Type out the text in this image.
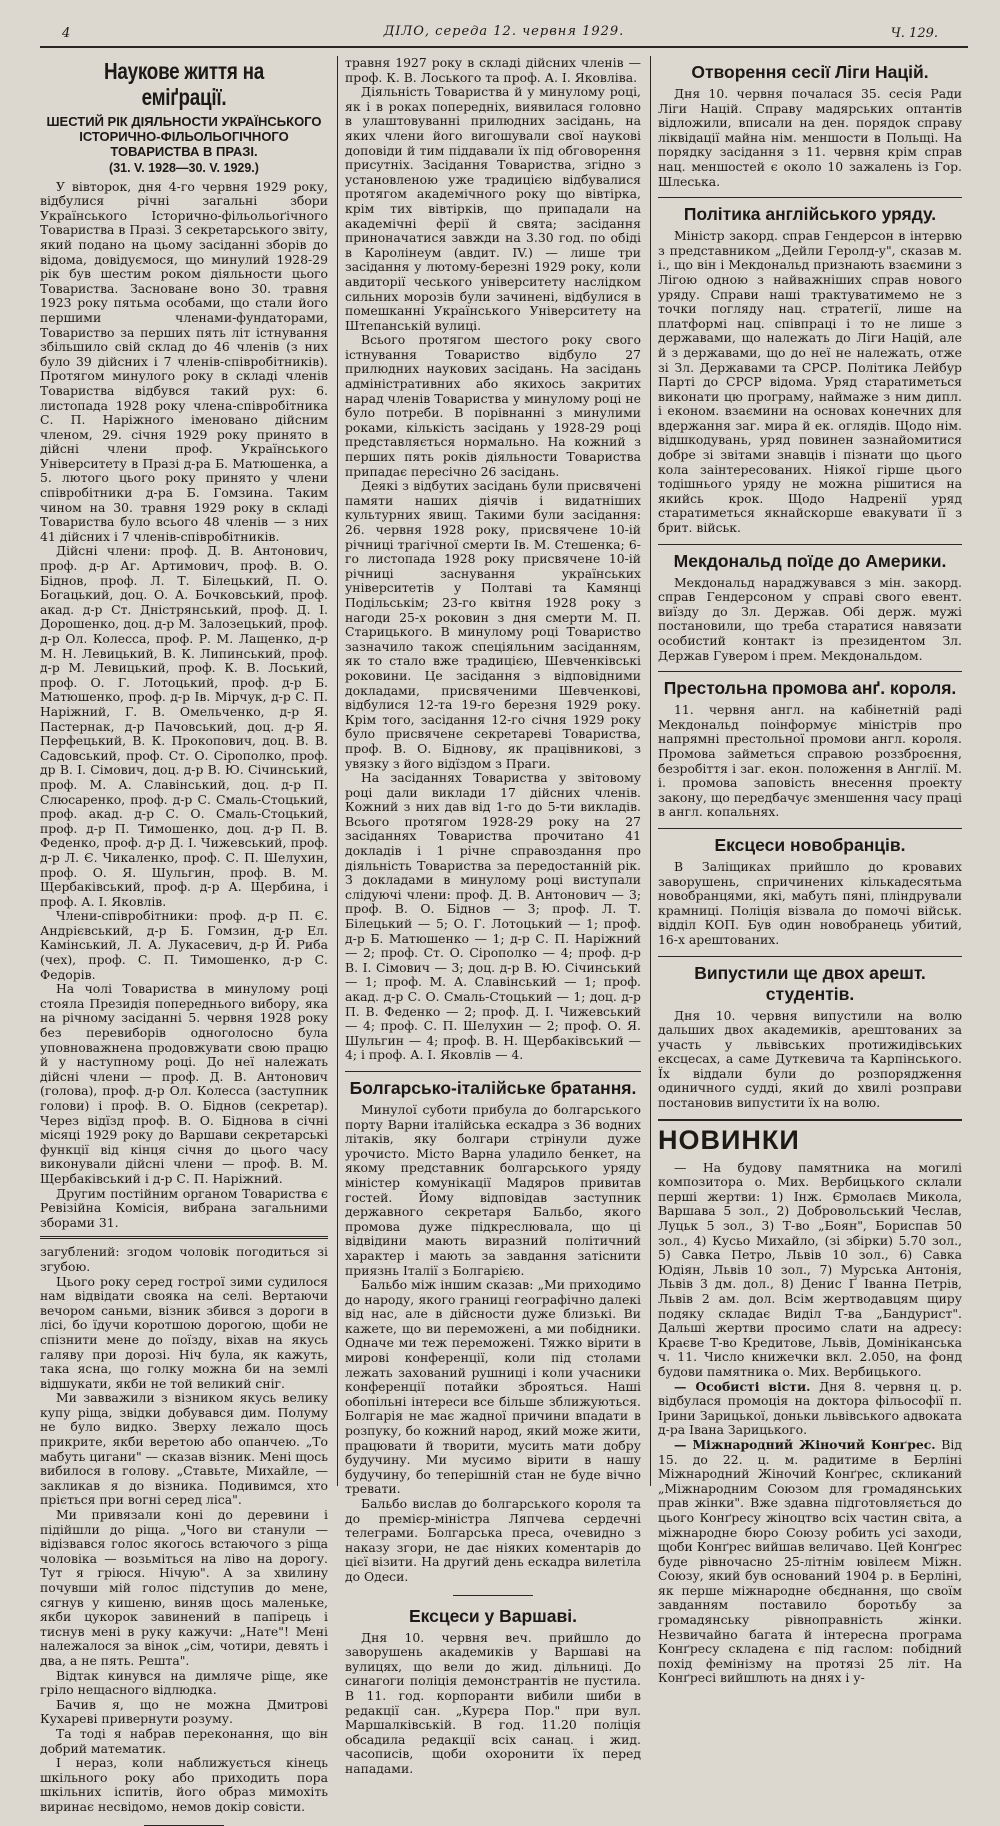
4	ДІЛО, середа 12. червня 1929.	Ч. 129.
Наукове життя на еміґрації.
ШЕСТИЙ РІК ДІЯЛЬНОСТИ УКРАЇНСЬКОГО ІСТОРИЧНО-ФІЛЬОЛЬОГІЧНОГО ТОВАРИСТВА В ПРАЗІ.
(31. V. 1928—30. V. 1929.)

У вівторок, дня 4-го червня 1929 року, відбулися річні загальні збори Українського Історично-фільольоґічного Товариства в Празі. З секретарського звіту, який подано на цьому засіданні зборів до відома, довідуємося, що минулий 1928-29 рік був шестим роком діяльности цього Товариства. Засноване воно 30. травня 1923 року пятьма особами, що стали його першими членами-фундаторами, Товариство за перших пять літ істнування збільшило свій склад до 46 членів (з них було 39 дійсних і 7 членів-співробітників). Протягом минулого року в складі членів Товариства відбувся такий рух: 6. листопада 1928 року члена-співробітника С. П. Наріжного іменовано дійсним членом, 29. січня 1929 року принято в дійсні члени проф. Українського Університету в Празі д-ра Б. Матюшенка, а 5. лютого цього року принято у члени співробітники д-ра Б. Гомзина. Таким чином на 30. травня 1929 року в складі Товариства було всього 48 членів — з них 41 дійсних і 7 членів-співробітників.

Дійсні члени: проф. Д. В. Антонович, проф. д-р Аг. Артимович, проф. В. О. Біднов, проф. Л. Т. Білецький, П. О. Богацький, доц. О. А. Бочковський, проф. акад. д-р Ст. Дністрянський, проф. Д. І. Дорошенко, доц. д-р М. Залозецький, проф. д-р Ол. Колесса, проф. Р. М. Лащенко, д-р М. Н. Левицький, В. К. Липинський, проф. д-р М. Левицький, проф. К. В. Лоський, проф. О. Г. Лотоцький, проф. д-р Б. Матюшенко, проф. д-р Ів. Мірчук, д-р С. П. Наріжний, Г. В. Омельченко, д-р Я. Пастернак, д-р Пачовський, доц. д-р Я. Перфецький, В. К. Прокопович, доц. В. В. Садовський, проф. Ст. О. Сірополко, проф. др В. І. Сімович, доц. д-р В. Ю. Січинський, проф. М. А. Славінський, доц. д-р П. Слюсаренко, проф. д-р С. Смаль-Стоцький, проф. акад. д-р С. О. Смаль-Стоцький, проф. д-р П. Тимошенко, доц. д-р П. В. Феденко, проф. д-р Д. І. Чижевський, проф. д-р Л. Є. Чикаленко, проф. С. П. Шелухин, проф. О. Я. Шульгин, проф. В. М. Щербаківський, проф. д-р А. Щербина, і проф. А. І. Яковлів.

Члени-співробітники: проф. д-р П. Є. Андрієвський, д-р Б. Гомзин, д-р Ел. Камінський, Л. А. Лукасевич, д-р Й. Риба (чех), проф. С. П. Тимошенко, д-р С. Федорів.

На чолі Товариства в минулому році стояла Президія попереднього вибору, яка на річному засіданні 5. червня 1928 року без перевиборів одноголосно була уповноважнена продовжувати свою працю й у наступному році. До неї належать дійсні члени — проф. Д. В. Антонович (голова), проф. д-р Ол. Колесса (заступник голови) і проф. В. О. Біднов (секретар). Через відїзд проф. В. О. Біднова в січні місяці 1929 року до Варшави секретарські функції від кінця січня до цього часу виконували дійсні члени — проф. В. М. Щербаківський і д-р С. П. Наріжний.

Другим постійним органом Товариства є Ревізійна Комісія, вибрана загальними зборами 31.

загублений: згодом чоловік погодиться зі згубою.

Цього року серед гострої зими судилося нам відвідати свояка на селі. Вертаючи вечором саньми, візник збився з дороги в лісі, бо їдучи коротшою дорогою, щоби не спізнити мене до поїзду, віхав на якусь галяву при дорозі. Ніч була, як кажуть, така ясна, що голку можна би на землі відшукати, якби не той великий сніг.

Ми завважили з візником якусь велику купу ріща, звідки добувався дим. Полуму не було видко. Зверху лежало щось прикрите, якби веретою або опанчею. „То мабуть цигани" — сказав візник. Мені щось вибилося в голову. „Ставьте, Михайле, — закликав я до візника. Подивимся, хто пріється при вогні серед ліса".

Ми привязали коні до деревини і підійшли до ріща. „Чого ви станули — відізвався голос якогось встаючого з ріща чоловіка — возьміться на ліво на дорогу. Тут я гріюся. Нічую". А за хвилину почувши мій голос підступив до мене, сягнув у кишеню, виняв щось маленьке, якби цукорок завинений в папірець і тиснув мені в руку кажучи: „Нате"! Мені належалося за вінок „сім, чотири, девять і два, а не пять. Решта".

Відтак кинувся на димляче ріще, яке гріло нещасного відлюдка.

Бачив я, що не можна Дмитрові Кухареві привернути розуму.

Та тоді я набрав переконання, що він добрий математик.

І нераз, коли наближується кінець шкільного року або приходить пора шкільних іспитів, його образ мимохіть виринає несвідомо, немов докір совісти.

травня 1927 року в складі дійсних членів — проф. К. В. Лоського та проф. А. І. Яковліва.

Діяльність Товариства й у минулому році, як і в роках попередніх, виявилася головно в улаштовуванні прилюдних засідань, на яких члени його вигошували свої наукові доповіди й тим піддавали їх під обговорення присутніх. Засідання Товариства, згідно з установленою уже традицією відбувалися протягом академічного року що вівтірка, крім тих вівтірків, що припадали на академічні ферії й свята; засідання приноначатися завжди на 3.30 год. по обіді в Каролінеум (авдит. IV.) — лише три засідання у лютому-березні 1929 року, коли авдиторії чеського університету наслідком сильних морозів були зачинені, відбулися в помешканні Українського Університету на Штепанській вулиці.

Всього протягом шестого року свого істнування Товариство відбуло 27 прилюдних наукових засідань. На засідань адміністративних або якихось закритих нарад членів Товариства у минулому році не було потреби. В порівнанні з минулими роками, кількість засідань у 1928-29 році представляється нормально. На кожний з перших пять років діяльности Товариства припадає пересічно 26 засідань.

Деякі з відбутих засідань були присвячені памяти наших діячів і видатніших культурних явищ. Такими були засідання: 26. червня 1928 року, присвячене 10-ій річниці трагічної смерти Ів. М. Стешенка; 6-го листопада 1928 року присвячене 10-ій річниці заснування українських університетів у Полтаві та Камянці Подільськім; 23-го квітня 1928 року з нагоди 25-х роковин з дня смерти М. П. Старицького. В минулому році Товариство зазначило також спеціяльним засіданням, як то стало вже традицією, Шевченківські роковини. Це засідання з відповідними докладами, присвяченими Шевченкові, відбулися 12-та 19-го березня 1929 року. Крім того, засідання 12-го січня 1929 року було присвячене секретареві Товариства, проф. В. О. Біднову, як працівникові, з увязку з його відїздом з Праги.

На засіданнях Товариства у звітовому році дали виклади 17 дійсних членів. Кожний з них дав від 1-го до 5-ти викладів. Всього протягом 1928-29 року на 27 засіданнях Товариства прочитано 41 докладів і 1 річне справоздання про діяльність Товариства за передостанній рік. З докладами в минулому році виступали слідуючі члени: проф. Д. В. Антонович — 3; проф. В. О. Біднов — 3; проф. Л. Т. Білецький — 5; О. Г. Лотоцький — 1; проф. д-р Б. Матюшенко — 1; д-р С. П. Наріжний — 2; проф. Ст. О. Сірополко — 4; проф. д-р В. І. Сімович — 3; доц. д-р В. Ю. Січинський — 1; проф. М. А. Славінський — 1; проф. акад. д-р С. О. Смаль-Стоцький — 1; доц. д-р П. В. Феденко — 2; проф. Д. І. Чижевський — 4; проф. С. П. Шелухин — 2; проф. О. Я. Шульгин — 4; проф. В. Н. Щербаківський — 4; і проф. А. І. Яковлів — 4.

Болгарсько-італійське братання.

Минулої суботи прибула до болгарського порту Варни італійська ескадра з 36 водних літаків, яку болгари стрінули дуже урочисто. Місто Варна уладило бенкет, на якому представник болгарського уряду міністер комунікації Мадяров привитав гостей. Йому відповідав заступник державного секретаря Бальбо, якого промова дуже підкреслювала, що ці відвідини мають виразний політичний характер і мають за завдання затіснити приязнь Італії з Болгарією.

Бальбо між іншим сказав: „Ми приходимо до народу, якого границі географічно далекі від нас, але в дійсности дуже близькі. Ви кажете, що ви переможені, а ми побідники. Одначе ми теж переможені. Тяжко вірити в мирові конференції, коли під столами лежать захований рушниці і коли учасники конференції потайки зброяться. Наші обопільні інтереси все більше зближуються. Болгарія не має жадної причини впадати в розпуку, бо кожний народ, який може жити, працювати й творити, мусить мати добру будучину. Ми мусимо вірити в нашу будучину, бо теперішній стан не буде вічно тревати.

Бальбо вислав до болгарського короля та до премієр-міністра Ляпчева сердечні телеграми. Болгарська преса, очевидно з наказу згори, не дає ніяких коментарів до цієї візити. На другий день ескадра вилетіла до Одеси.

Ексцеси у Варшаві.

Дня 10. червня веч. прийшло до заворушень академиків у Варшаві на вулицях, що вели до жид. дільниці. До синагоги поліція демонстрантів не пустила. В 11. год. корпоранти вибили шиби в редакції сан. „Курєра Пор." при вул. Маршалківській. В год. 11.20 поліція обсадила редакції всіх санац. і жид. часописів, щоби охоронити їх перед нападами.

Отворення сесії Ліги Націй.

Дня 10. червня почалася 35. сесія Ради Ліги Націй. Справу мадярських оптантів відложили, вписали на ден. порядок справу ліквідації майна нім. меншости в Польщі. На порядку засідання з 11. червня крім справ нац. меншостей є около 10 зажалень із Гор. Шлеська.

Політика англійського уряду.

Міністр закорд. справ Гендерсон в інтервю з представником „Дейли Геролд-у", сказав м. і., що він і Мекдональд признають взаємини з Лігою одною з найважніших справ нового уряду. Справи наші трактуватимемо не з точки погляду нац. стратегії, лише на платформі нац. співпраці і то не лише з державами, що належать до Ліги Націй, але й з державами, що до неї не належать, отже зі Зл. Державами та СРСР. Політика Лейбур Парті до СРСР відома. Уряд старатиметься виконати цю програму, наймаже з ним дипл. і економ. взаємини на основах конечних для вдержання заг. мира й ек. оглядів. Щодо нім. відшкодувань, уряд повинен зазнайомитися добре зі звітами знавців і пізнати що цього кола заінтересованих. Ніякої гірше цього тодішнього уряду не можна рішитися на якийсь крок. Щодо Надренії уряд старатиметься якнайскорше евакувати її з брит. військ.

Мекдональд поїде до Америки.

Мекдональд нараджувався з мін. закорд. справ Гендерсоном у справі свого евент. виїзду до Зл. Держав. Обі держ. мужі постановили, що треба старатися навязати особистий контакт із президентом Зл. Держав Гувером і прем. Мекдональдом.

Престольна промова анґ. короля.

11. червня англ. на кабінетній раді Мекдональд поінформує міністрів про напрямні престольної промови англ. короля. Промова займеться справою роззброєння, безробіття і заг. екон. положення в Англії. М. і. промова заповість внесення проекту закону, що передбачує зменшення часу праці в англ. копальнях.

Ексцеси новобранців.

В Заліщиках прийшло до кровавих заворушень, спричинених кількадесятьма новобранцями, які, мабуть пяні, пліндрували крамниці. Поліція візвала до помочі військ. відділ КОП. Був один новобранець убитий, 16-х арештованих.

Випустили ще двох арешт. студентів.

Дня 10. червня випустили на волю дальших двох академиків, арештованих за участь у львівських протижидівських ексцесах, а саме Дуткевича та Карпінського. Їх віддали були до розпорядження одиничного судді, який до хвилі розправи постановив випустити їх на волю.

НОВИНКИ

— На будову памятника на могилі композитора о. Мих. Вербицького склали перші жертви: 1) Інж. Єрмолаєв Микола, Варшава 5 зол., 2) Добровольський Чеслав, Луцьк 5 зол., 3) Т-во „Боян", Бориспав 50 зол., 4) Кусьо Михайло, (зі збірки) 5.70 зол., 5) Савка Петро, Львів 10 зол., 6) Савка Юдіян, Львів 10 зол., 7) Мурська Антонія, Львів 3 дм. дол., 8) Денис Ґ Іванна Петрів, Львів 2 ам. дол. Всім жертводавцям щиру подяку складає Виділ Т-ва „Бандурист". Дальші жертви просимо слати на адресу: Краєве Т-во Кредитове, Львів, Домініканська ч. 11. Число книжечки вкл. 2.050, на фонд будови памятника о. Мих. Вербицького.

— Особисті вісти. Дня 8. червня ц. р. відбулася промоція на доктора фільософії п. Ірини Зарицької, доньки львівського адвоката д-ра Івана Зарицького.

— Міжнародний Жіночий Конґрес. Від 15. до 22. ц. м. радитиме в Берліні Міжнародний Жіночий Конґрес, скликаний „Міжнародним Союзом для громадянських прав жінки". Вже здавна підготовляється до цього Конґресу жіноцтво всіх частин світа, а міжнародне бюро Союзу робить усі заходи, щоби Конґрес вийшав величаво. Цей Конґрес буде рівночасно 25-літнім ювілеєм Міжн. Союзу, який був оснований 1904 р. в Берліні, як перше міжнародне обєднання, що своїм завданням поставило боротьбу за громадянську рівноправність жінки. Незвичайно багата й інтересна програма Конґресу складена є під гаслом: побідний похід фемінізму на протязі 25 літ. На Конґресі вийшлють на днях і у-
